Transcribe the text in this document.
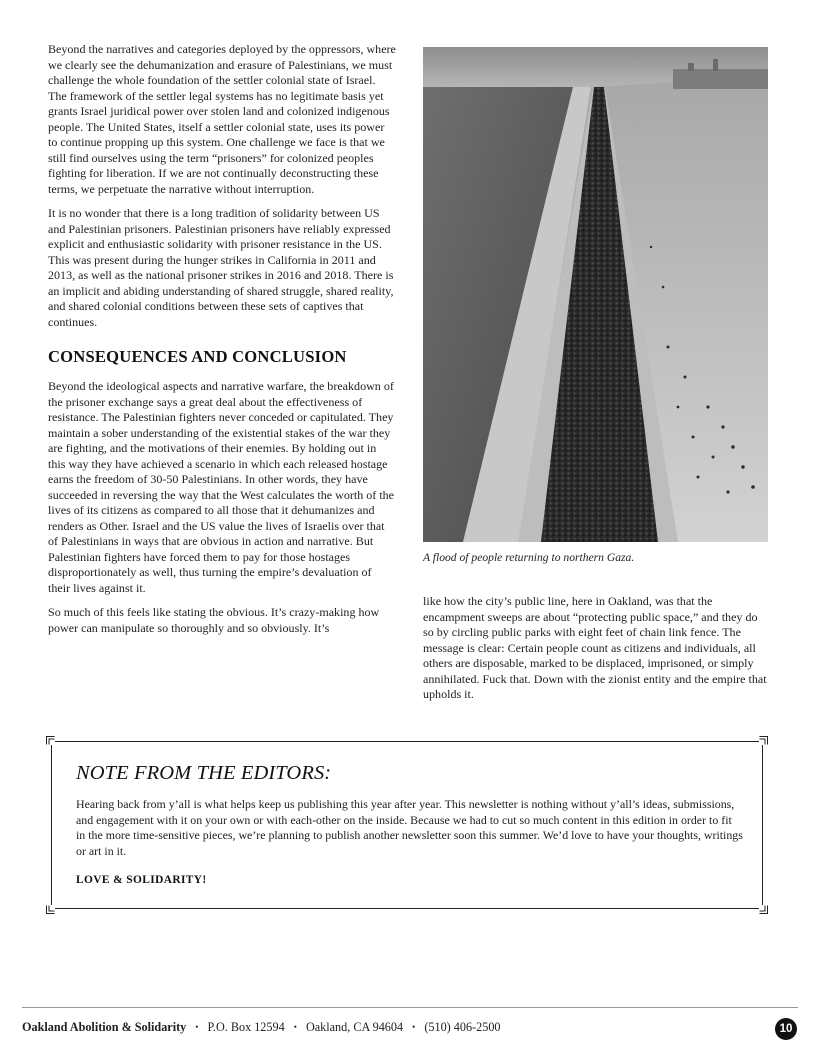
Beyond the narratives and categories deployed by the oppressors, where we clearly see the dehumanization and erasure of Palestinians, we must challenge the whole foundation of the settler colonial state of Israel. The framework of the settler legal systems has no legitimate basis yet grants Israel juridical power over stolen land and colonized indigenous people. The United States, itself a settler colonial state, uses its power to continue propping up this system. One challenge we face is that we still find ourselves using the term “prisoners” for colonized peoples fighting for liberation. If we are not continually deconstructing these terms, we perpetuate the narrative without interruption.

It is no wonder that there is a long tradition of solidarity between US and Palestinian prisoners. Palestinian prisoners have reliably expressed explicit and enthusiastic solidarity with prisoner resistance in the US. This was present during the hunger strikes in California in 2011 and 2013, as well as the national prisoner strikes in 2016 and 2018. There is an implicit and abiding understanding of shared struggle, shared reality, and shared colonial conditions between these sets of captives that continues.

CONSEQUENCES AND CONCLUSION

Beyond the ideological aspects and narrative warfare, the breakdown of the prisoner exchange says a great deal about the effectiveness of resistance. The Palestinian fighters never conceded or capitulated. They maintain a sober understanding of the existential stakes of the war they are fighting, and the motivations of their enemies. By holding out in this way they have achieved a scenario in which each released hostage earns the freedom of 30-50 Palestinians. In other words, they have succeeded in reversing the way that the West calculates the worth of the lives of its citizens as compared to all those that it dehumanizes and renders as Other. Israel and the US value the lives of Israelis over that of Palestinians in ways that are obvious in action and narrative. But Palestinian fighters have forced them to pay for those hostages disproportionately as well, thus turning the empire’s devaluation of their lives against it.

So much of this feels like stating the obvious. It’s crazy-making how power can manipulate so thoroughly and so obviously. It’s

A flood of people returning to northern Gaza.

like how the city’s public line, here in Oakland, was that the encampment sweeps are about “protecting public space,” and they do so by circling public parks with eight feet of chain link fence. The message is clear: Certain people count as citizens and individuals, all others are disposable, marked to be displaced, imprisoned, or simply annihilated. Fuck that. Down with the zionist entity and the empire that upholds it.

NOTE FROM THE EDITORS:
Hearing back from y’all is what helps keep us publishing this year after year. This newsletter is nothing without y’all’s ideas, submissions, and engagement with it on your own or with each-other on the inside. Because we had to cut so much content in this edition in order to fit in the more time-sensitive pieces, we’re planning to publish another newsletter soon this summer. We’d love to have your thoughts, writings or art in it.
LOVE & SOLIDARITY!
Oakland Abolition & Solidarity • P.O. Box 12594 • Oakland, CA 94604 • (510) 406-2500	10
